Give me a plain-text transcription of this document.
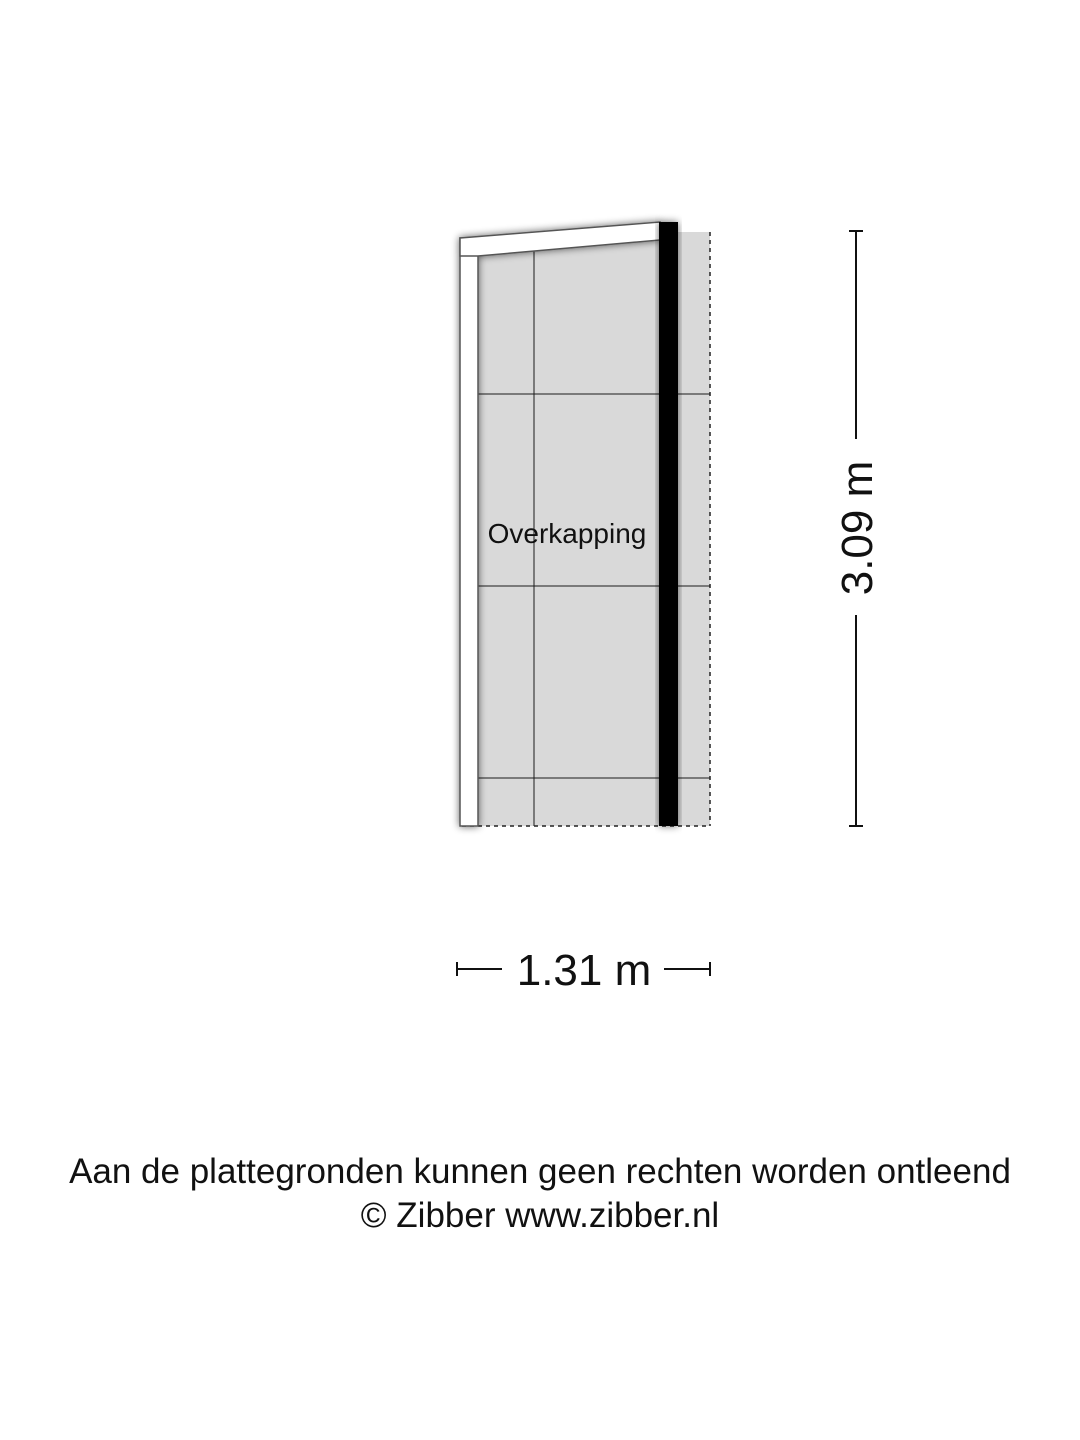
Overkapping	3.09 m
1.31 m
Aan de plattegronden kunnen geen rechten worden ontleend
© Zibber www.zibber.nl
